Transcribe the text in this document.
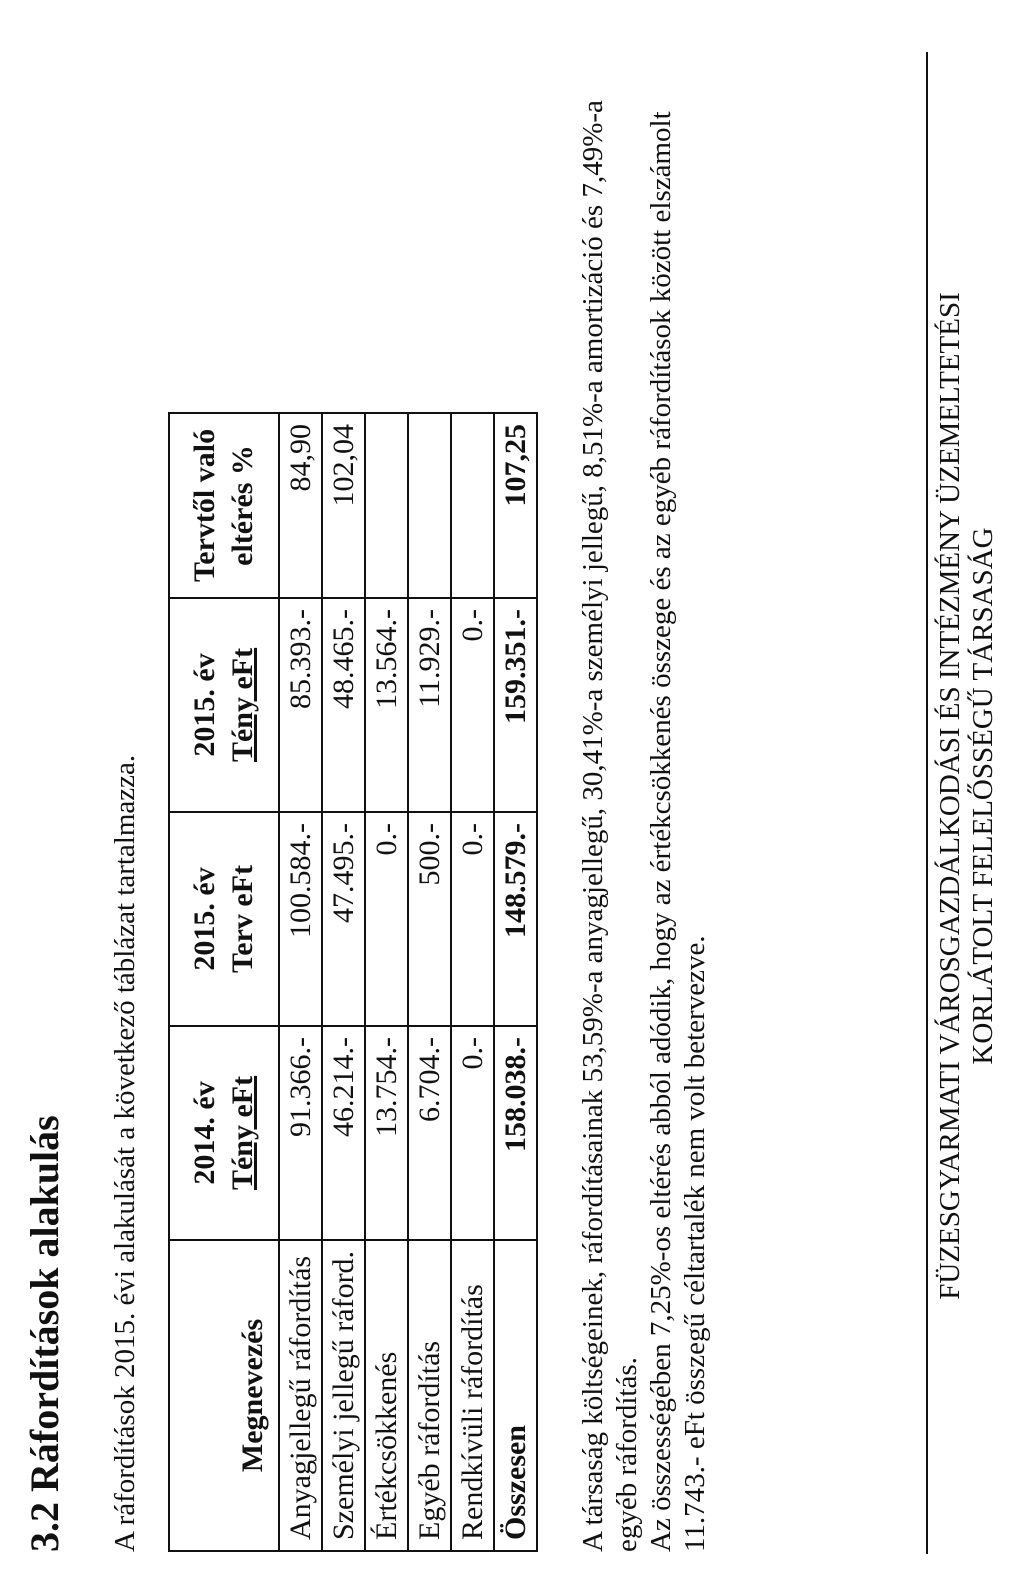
3.2 Ráfordítások alakulás A ráfordítások 2015. évi alakulását a következő táblázat tartalmazza.	Megnevezés	2014. év Tény eFt	2015. év Terv eFt	2015. év Tény eFt	Tervtől való eltérés %

Anyagjellegű ráfordítás	91.366.-	100.584.-	85.393.-	84,90
Személyi jellegű ráford.	46.214.-	47.495.-	48.465.-	102,04
Értékcsökkenés	13.754.-	0.-	13.564.-	
Egyéb ráfordítás	6.704.-	500.-	11.929.-	
Rendkívüli ráfordítás	0.-	0.-	0.-	
Összesen	158.038.-	148.579.-	159.351.-	107,25 A társaság költségeinek, ráfordításainak 53,59%-a anyagjellegű, 30,41%-a személyi jellegű, 8,51%-a amortizáció és 7,49%-a egyéb ráfordítás. Az összességében 7,25%-os eltérés abból adódik, hogy az értékcsökkenés összege és az egyéb ráfordítások között elszámolt 11.743.- eFt összegű céltartalék nem volt betervezve.	FÜZESGYARMATI VÁROSGAZDÁLKODÁSI ÉS INTÉZMÉNY ÜZEMELTETÉSI KORLÁTOLT FELELŐSSÉGŰ TÁRSASÁG
